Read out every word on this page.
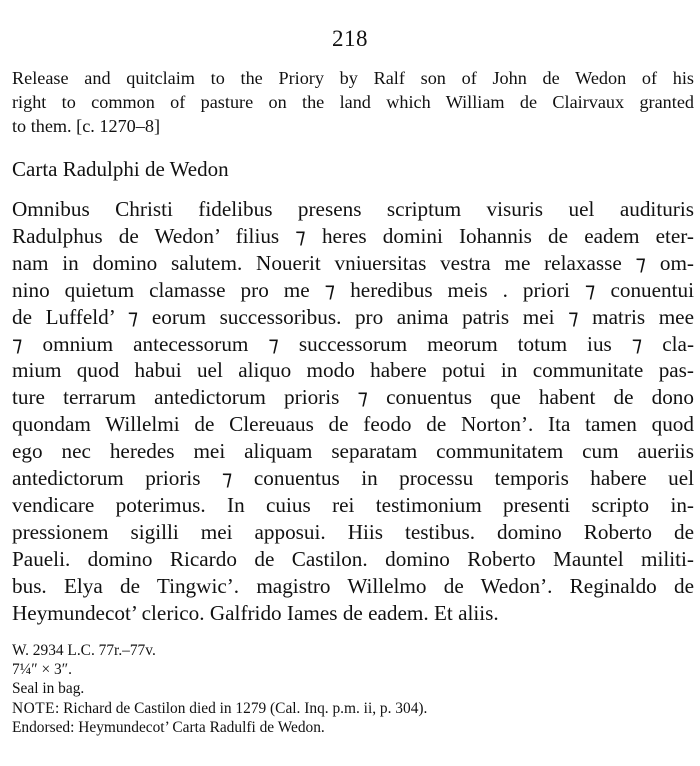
218
Release and quitclaim to the Priory by Ralf son of John de Wedon of his
right to common of pasture on the land which William de Clairvaux granted
to them. [c. 1270–8]
Carta Radulphi de Wedon
Omnibus Christi fidelibus presens scriptum visuris uel audituris
Radulphus de Wedon’ filius ⁊ heres domini Iohannis de eadem eter-
nam in domino salutem. Nouerit vniuersitas vestra me relaxasse ⁊ om-
nino quietum clamasse pro me ⁊ heredibus meis . priori ⁊ conuentui
de Luffeld’ ⁊ eorum successoribus. pro anima patris mei ⁊ matris mee
⁊ omnium antecessorum ⁊ successorum meorum totum ius ⁊ cla-
mium quod habui uel aliquo modo habere potui in communitate pas-
ture terrarum antedictorum prioris ⁊ conuentus que habent de dono
quondam Willelmi de Clereuaus de feodo de Norton’. Ita tamen quod
ego nec heredes mei aliquam separatam communitatem cum aueriis
antedictorum prioris ⁊ conuentus in processu temporis habere uel
vendicare poterimus. In cuius rei testimonium presenti scripto in-
pressionem sigilli mei apposui. Hiis testibus. domino Roberto de
Paueli. domino Ricardo de Castilon. domino Roberto Mauntel militi-
bus. Elya de Tingwic’. magistro Willelmo de Wedon’. Reginaldo de
Heymundecot’ clerico. Galfrido Iames de eadem. Et aliis.
W. 2934 L.C. 77r.–77v.
7¼″ × 3″.
Seal in bag.
NOTE: Richard de Castilon died in 1279 (Cal. Inq. p.m. ii, p. 304).
Endorsed: Heymundecot’ Carta Radulfi de Wedon.
